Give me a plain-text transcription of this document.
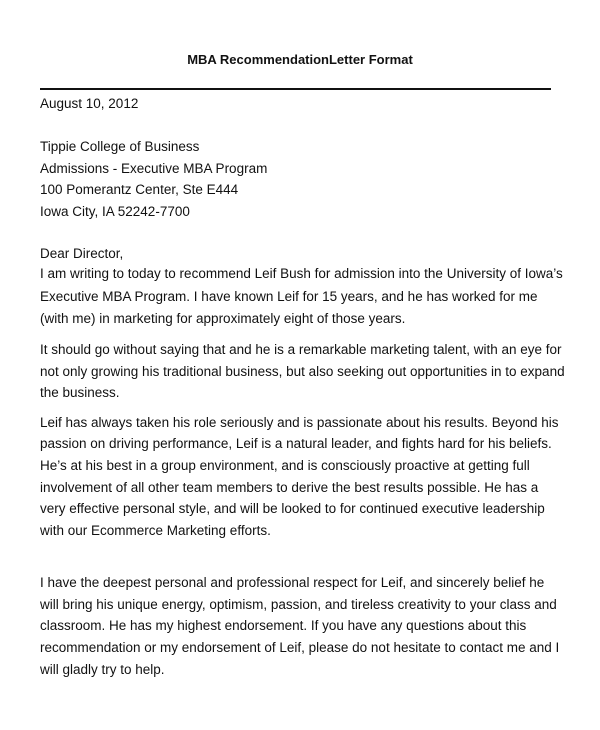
MBA RecommendationLetter Format

August 10, 2012

Tippie College of Business

Admissions - Executive MBA Program

100 Pomerantz Center, Ste E444

Iowa City, IA 52242-7700

Dear Director,

I am writing to today to recommend Leif Bush for admission into the University of Iowa’s

Executive MBA Program. I have known Leif for 15 years, and he has worked for me

(with me) in marketing for approximately eight of those years.

It should go without saying that and he is a remarkable marketing talent, with an eye for

not only growing his traditional business, but also seeking out opportunities in to expand

the business.

Leif has always taken his role seriously and is passionate about his results. Beyond his

passion on driving performance, Leif is a natural leader, and fights hard for his beliefs.

He’s at his best in a group environment, and is consciously proactive at getting full

involvement of all other team members to derive the best results possible. He has a

very effective personal style, and will be looked to for continued executive leadership

with our Ecommerce Marketing efforts.

I have the deepest personal and professional respect for Leif, and sincerely belief he

will bring his unique energy, optimism, passion, and tireless creativity to your class and

classroom. He has my highest endorsement. If you have any questions about this

recommendation or my endorsement of Leif, please do not hesitate to contact me and I

will gladly try to help.
